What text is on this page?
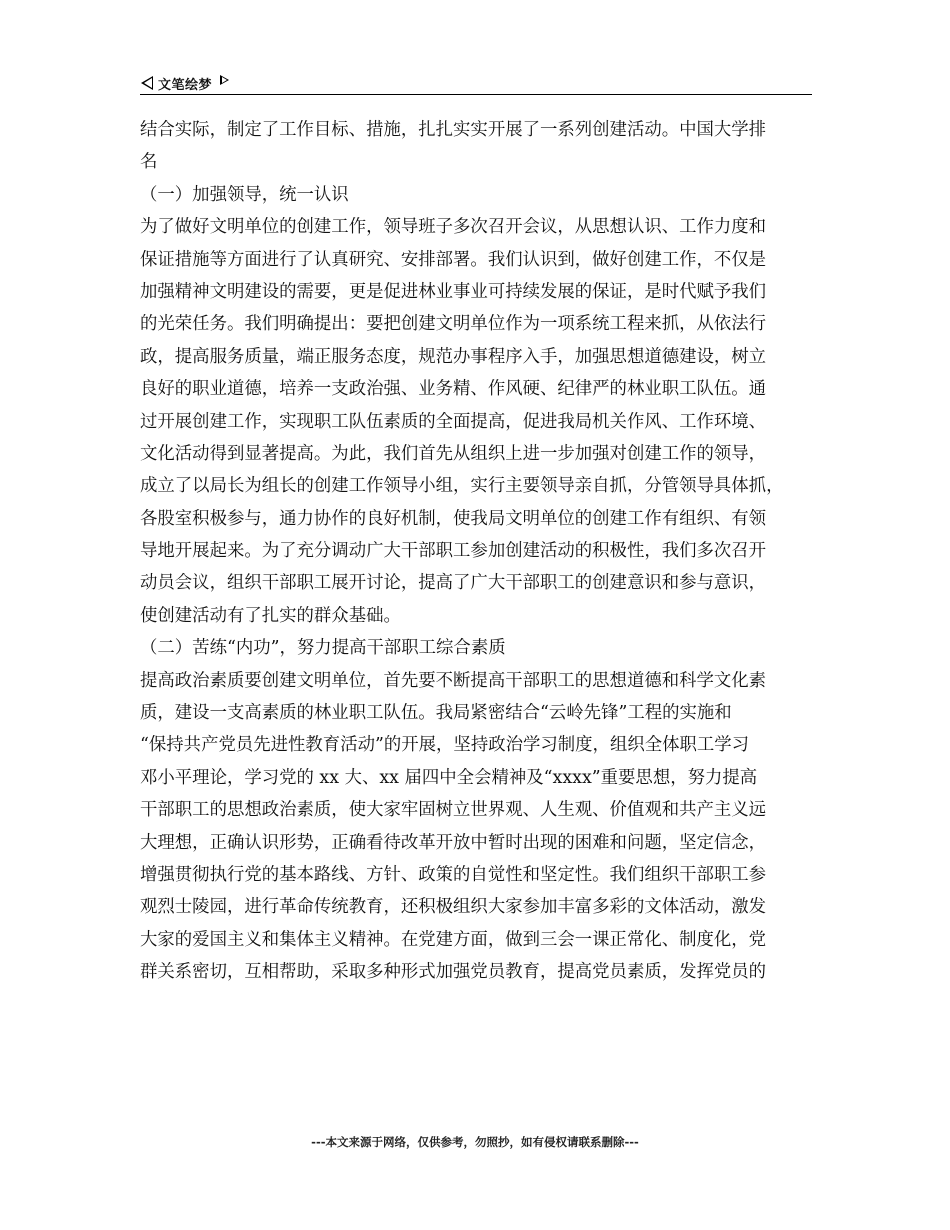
文笔绘梦
结合实际，制定了工作目标、措施，扎扎实实开展了一系列创建活动。中国大学排
名
（一）加强领导，统一认识
为了做好文明单位的创建工作，领导班子多次召开会议，从思想认识、工作力度和
保证措施等方面进行了认真研究、安排部署。我们认识到，做好创建工作，不仅是
加强精神文明建设的需要，更是促进林业事业可持续发展的保证，是时代赋予我们
的光荣任务。我们明确提出：要把创建文明单位作为一项系统工程来抓，从依法行
政，提高服务质量，端正服务态度，规范办事程序入手，加强思想道德建设，树立
良好的职业道德，培养一支政治强、业务精、作风硬、纪律严的林业职工队伍。通
过开展创建工作，实现职工队伍素质的全面提高，促进我局机关作风、工作环境、
文化活动得到显著提高。为此，我们首先从组织上进一步加强对创建工作的领导，
成立了以局长为组长的创建工作领导小组，实行主要领导亲自抓，分管领导具体抓，
各股室积极参与，通力协作的良好机制，使我局文明单位的创建工作有组织、有领
导地开展起来。为了充分调动广大干部职工参加创建活动的积极性，我们多次召开
动员会议，组织干部职工展开讨论，提高了广大干部职工的创建意识和参与意识，
使创建活动有了扎实的群众基础。
（二）苦练“内功”，努力提高干部职工综合素质
提高政治素质要创建文明单位，首先要不断提高干部职工的思想道德和科学文化素
质，建设一支高素质的林业职工队伍。我局紧密结合“云岭先锋”工程的实施和
“保持共产党员先进性教育活动”的开展，坚持政治学习制度，组织全体职工学习
邓小平理论，学习党的 xx 大、xx 届四中全会精神及“xxxx”重要思想，努力提高
干部职工的思想政治素质，使大家牢固树立世界观、人生观、价值观和共产主义远
大理想，正确认识形势，正确看待改革开放中暂时出现的困难和问题，坚定信念，
增强贯彻执行党的基本路线、方针、政策的自觉性和坚定性。我们组织干部职工参
观烈士陵园，进行革命传统教育，还积极组织大家参加丰富多彩的文体活动，激发
大家的爱国主义和集体主义精神。在党建方面，做到三会一课正常化、制度化，党
群关系密切，互相帮助，采取多种形式加强党员教育，提高党员素质，发挥党员的
---本文来源于网络，仅供参考，勿照抄，如有侵权请联系删除---
